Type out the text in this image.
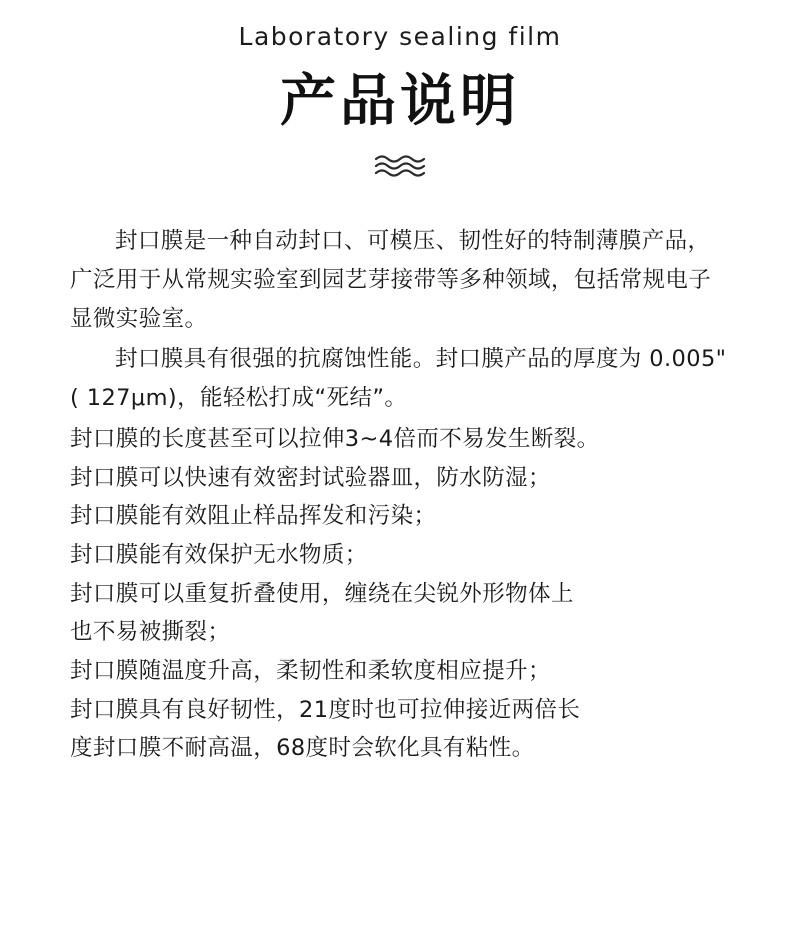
Laboratory sealing film
产品说明

封口膜是一种自动封口、可模压、韧性好的特制薄膜产品，广泛用于从常规实验室到园艺芽接带等多种领域，包括常规电子显微实验室。

封口膜具有很强的抗腐蚀性能。封口膜产品的厚度为 0.005"( 127μm)，能轻松打成“死结”。

封口膜的长度甚至可以拉伸3~4倍而不易发生断裂。

封口膜可以快速有效密封试验器皿，防水防湿；

封口膜能有效阻止样品挥发和污染；

封口膜能有效保护无水物质；

封口膜可以重复折叠使用，缠绕在尖锐外形物体上

也不易被撕裂；

封口膜随温度升高，柔韧性和柔软度相应提升；

封口膜具有良好韧性，21度时也可拉伸接近两倍长

度封口膜不耐高温，68度时会软化具有粘性。
